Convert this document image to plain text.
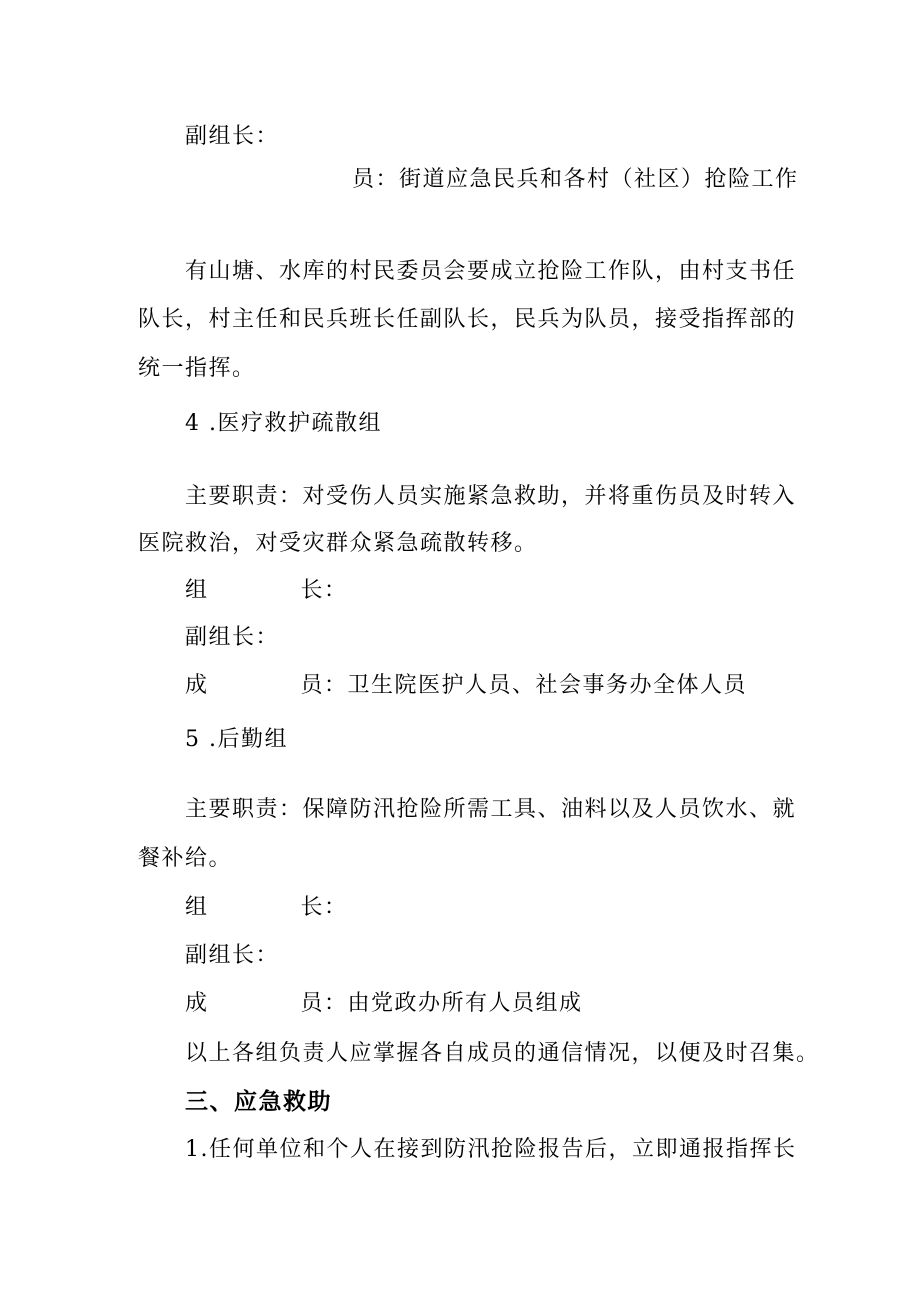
副组长：
员：街道应急民兵和各村（社区）抢险工作
有山塘、水库的村民委员会要成立抢险工作队，由村支书任
队长，村主任和民兵班长任副队长，民兵为队员，接受指挥部的
统一指挥。
4 .医疗救护疏散组
主要职责：对受伤人员实施紧急救助，并将重伤员及时转入
医院救治，对受灾群众紧急疏散转移。
组	长：
副组长：
成	员：卫生院医护人员、社会事务办全体人员
5 .后勤组
主要职责：保障防汛抢险所需工具、油料以及人员饮水、就
餐补给。
组	长：
副组长：
成	员：由党政办所有人员组成
以上各组负责人应掌握各自成员的通信情况，以便及时召集。
三、应急救助
1.任何单位和个人在接到防汛抢险报告后，立即通报指挥长
